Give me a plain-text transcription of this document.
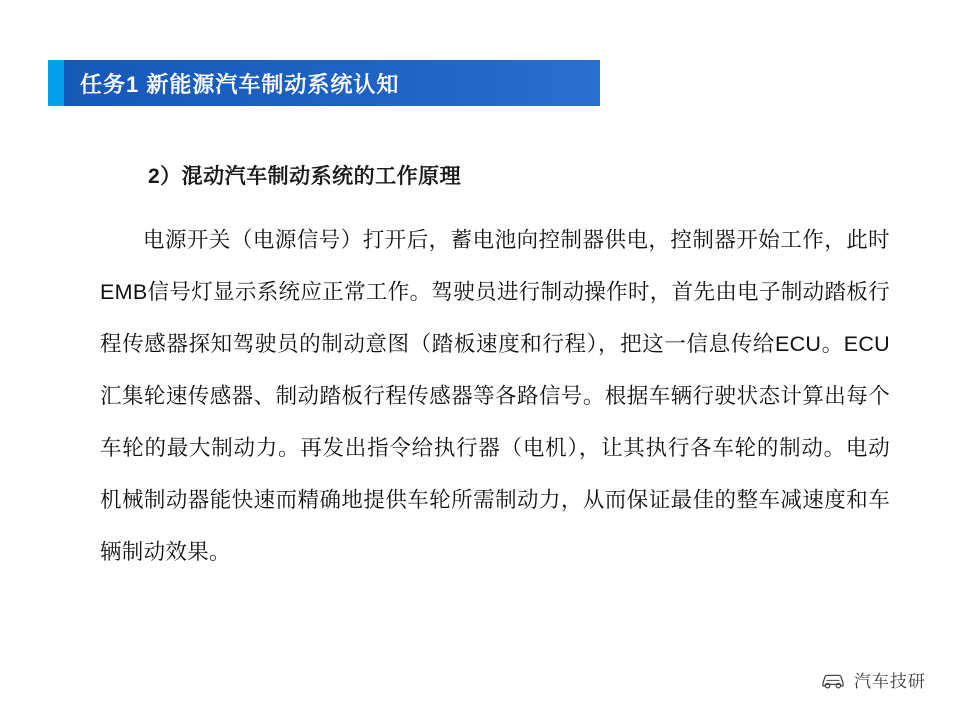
任务1 新能源汽车制动系统认知
2）混动汽车制动系统的工作原理

电源开关（电源信号）打开后，蓄电池向控制器供电，控制器开始工作，此时EMB信号灯显示系统应正常工作。驾驶员进行制动操作时，首先由电子制动踏板行程传感器探知驾驶员的制动意图（踏板速度和行程），把这一信息传给ECU。ECU汇集轮速传感器、制动踏板行程传感器等各路信号。根据车辆行驶状态计算出每个车轮的最大制动力。再发出指令给执行器（电机），让其执行各车轮的制动。电动机械制动器能快速而精确地提供车轮所需制动力，从而保证最佳的整车减速度和车辆制动效果。

汽车技研
